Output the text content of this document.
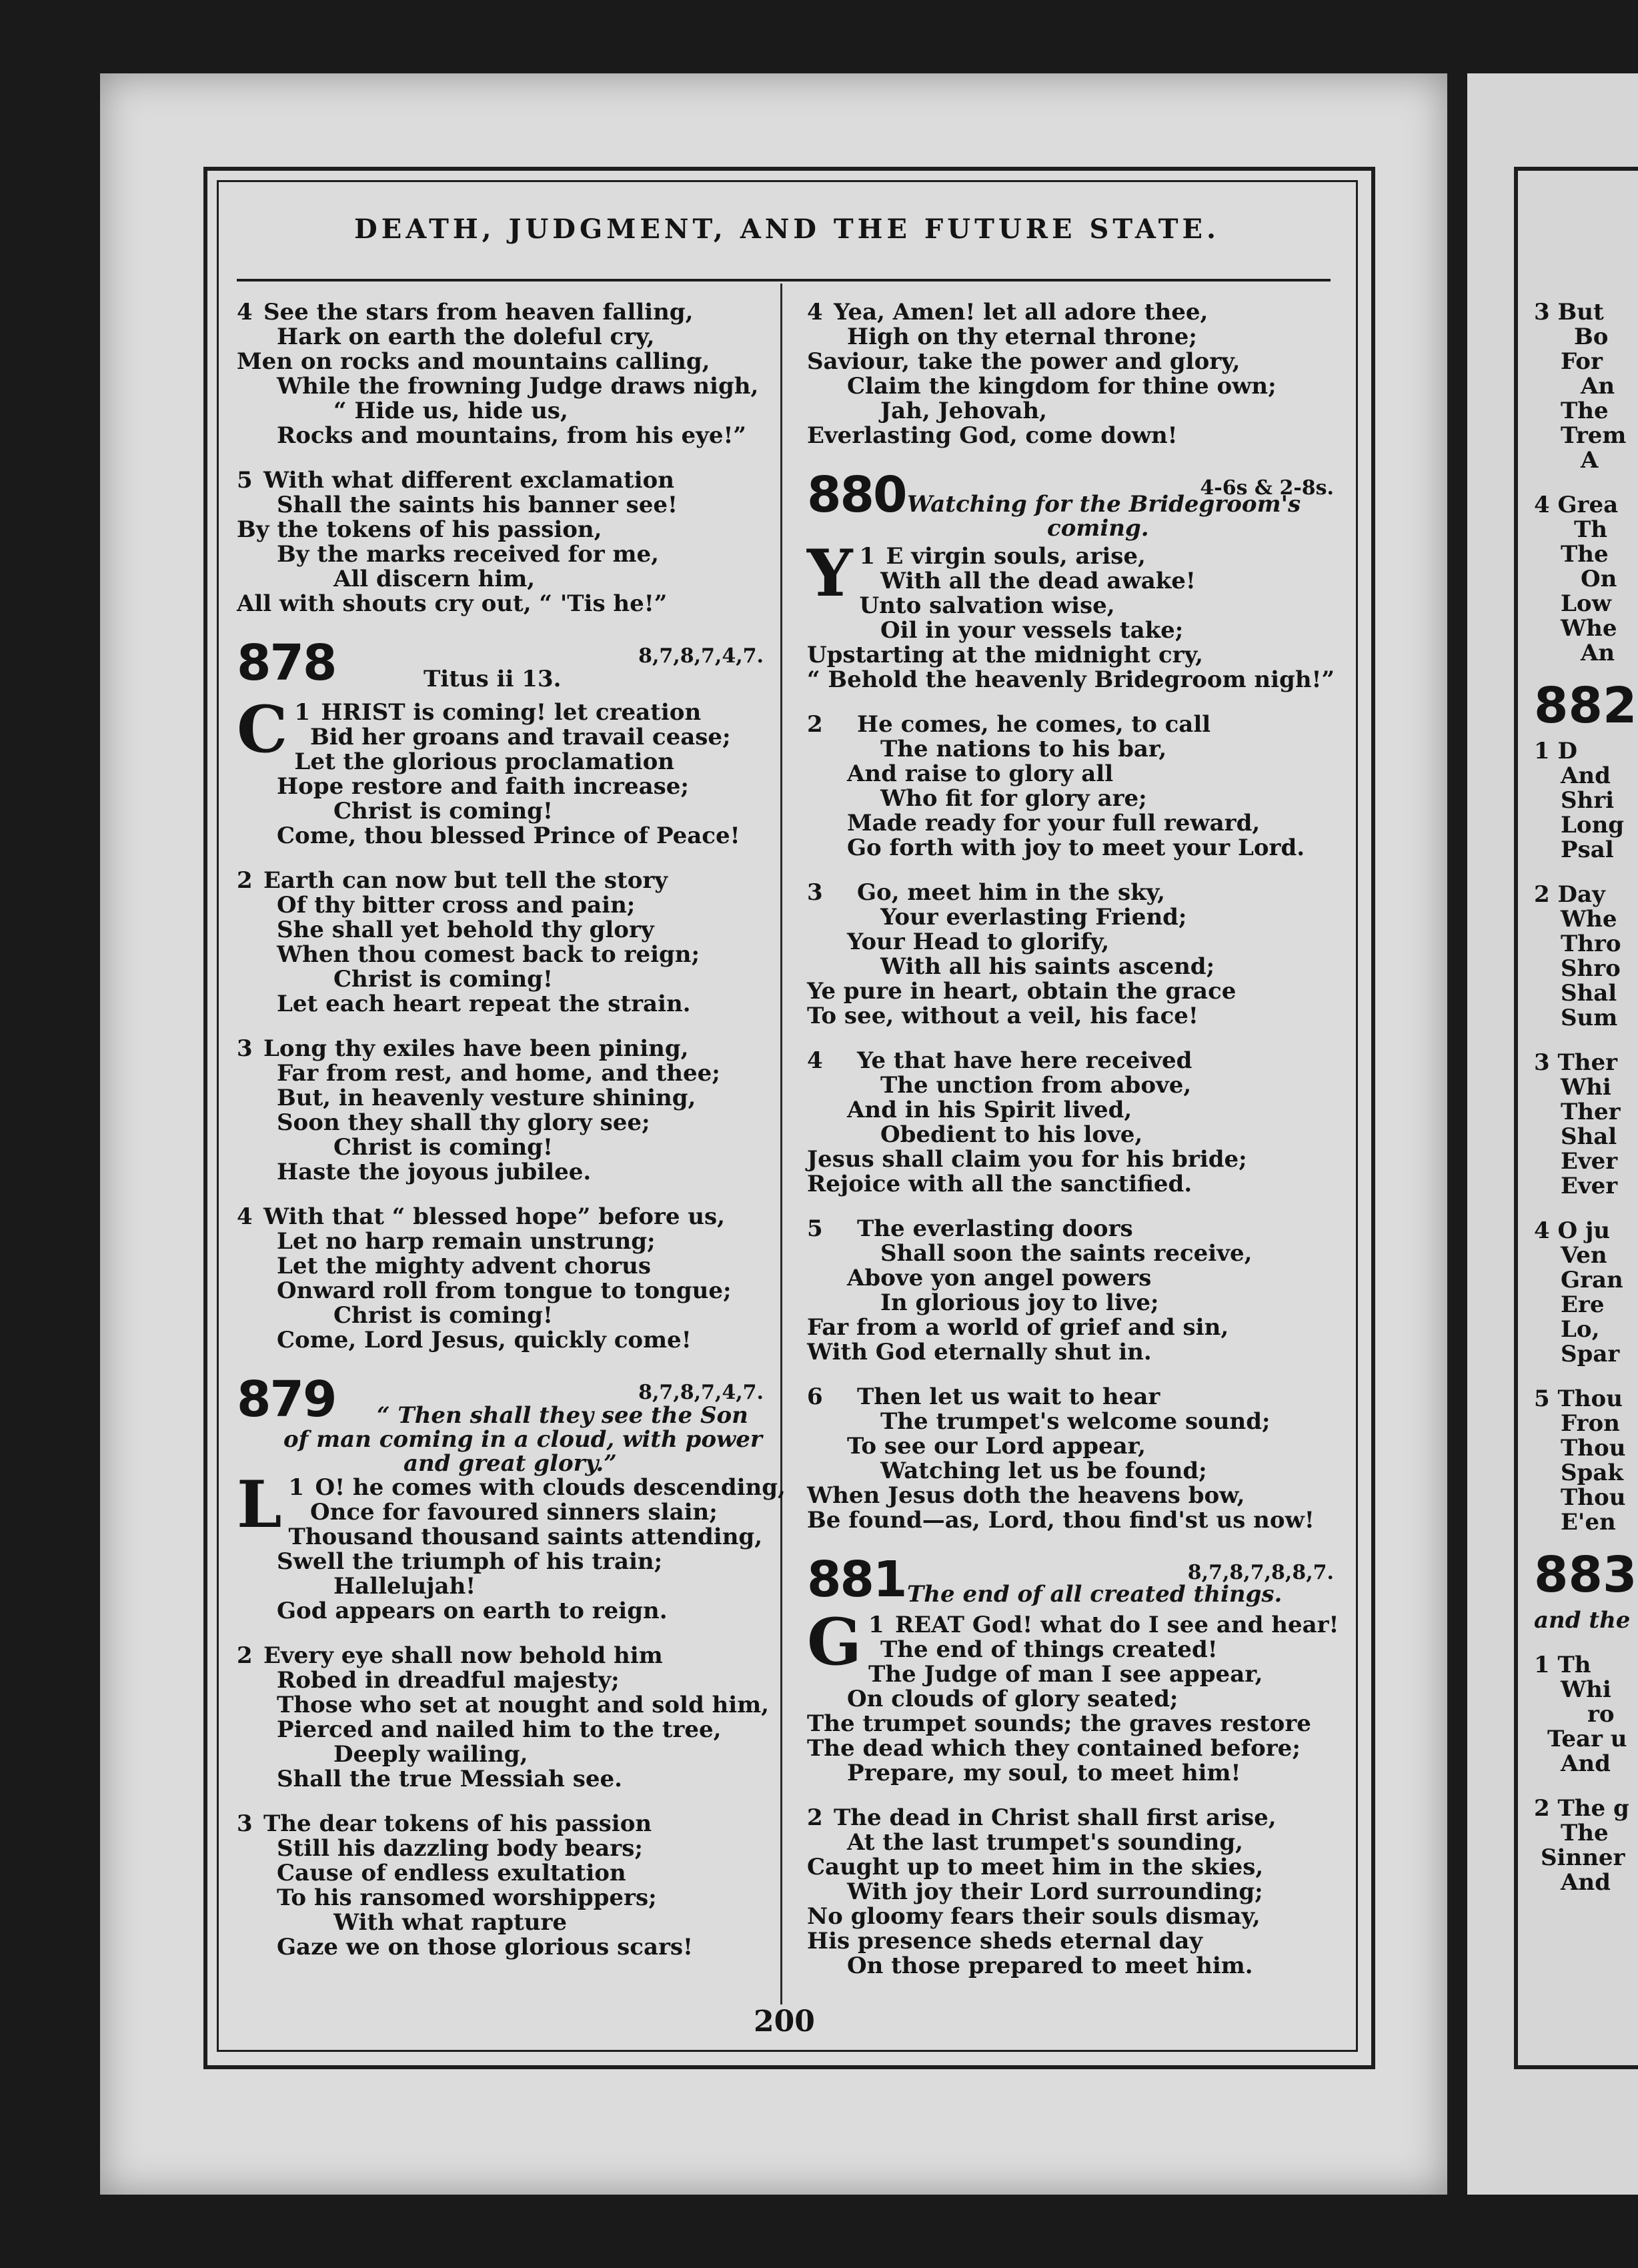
DEATH, JUDGMENT, AND THE FUTURE STATE.
4 See the stars from heaven falling,
Hark on earth the doleful cry,
Men on rocks and mountains calling,
While the frowning Judge draws nigh,
“ Hide us, hide us,
Rocks and mountains, from his eye!”
5 With what different exclamation
Shall the saints his banner see!
By the tokens of his passion,
By the marks received for me,
All discern him,
All with shouts cry out, “ 'Tis he!”
878	8,7,8,7,4,7.
Titus ii 13.
1
C HRIST is coming! let creation
Bid her groans and travail cease;
Let the glorious proclamation
Hope restore and faith increase;
Christ is coming!
Come, thou blessed Prince of Peace!
2 Earth can now but tell the story
Of thy bitter cross and pain;
She shall yet behold thy glory
When thou comest back to reign;
Christ is coming!
Let each heart repeat the strain.
3 Long thy exiles have been pining,
Far from rest, and home, and thee;
But, in heavenly vesture shining,
Soon they shall thy glory see;
Christ is coming!
Haste the joyous jubilee.
4 With that “ blessed hope” before us,
Let no harp remain unstrung;
Let the mighty advent chorus
Onward roll from tongue to tongue;
Christ is coming!
Come, Lord Jesus, quickly come!
879	8,7,8,7,4,7.
“ Then shall they see the Son
of man coming in a cloud, with power
and great glory.”
1
L O! he comes with clouds descending,
Once for favoured sinners slain;
Thousand thousand saints attending,
Swell the triumph of his train;
Hallelujah!
God appears on earth to reign.
2 Every eye shall now behold him
Robed in dreadful majesty;
Those who set at nought and sold him,
Pierced and nailed him to the tree,
Deeply wailing,
Shall the true Messiah see.
3 The dear tokens of his passion
Still his dazzling body bears;
Cause of endless exultation
To his ransomed worshippers;
With what rapture
Gaze we on those glorious scars!
4 Yea, Amen! let all adore thee,
High on thy eternal throne;
Saviour, take the power and glory,
Claim the kingdom for thine own;
Jah, Jehovah,
Everlasting God, come down!
880	4-6s & 2-8s.
Watching for the Bridegroom's
coming.
1
Y E virgin souls, arise,
With all the dead awake!
Unto salvation wise,
Oil in your vessels take;
Upstarting at the midnight cry,
“ Behold the heavenly Bridegroom nigh!”
2 He comes, he comes, to call
The nations to his bar,
And raise to glory all
Who fit for glory are;
Made ready for your full reward,
Go forth with joy to meet your Lord.
3 Go, meet him in the sky,
Your everlasting Friend;
Your Head to glorify,
With all his saints ascend;
Ye pure in heart, obtain the grace
To see, without a veil, his face!
4 Ye that have here received
The unction from above,
And in his Spirit lived,
Obedient to his love,
Jesus shall claim you for his bride;
Rejoice with all the sanctified.
5 The everlasting doors
Shall soon the saints receive,
Above yon angel powers
In glorious joy to live;
Far from a world of grief and sin,
With God eternally shut in.
6 Then let us wait to hear
The trumpet's welcome sound;
To see our Lord appear,
Watching let us be found;
When Jesus doth the heavens bow,
Be found—as, Lord, thou find'st us now!
881	8,7,8,7,8,8,7.
The end of all created things.
1
G REAT God! what do I see and hear!
The end of things created!
The Judge of man I see appear,
On clouds of glory seated;
The trumpet sounds; the graves restore
The dead which they contained before;
Prepare, my soul, to meet him!
2 The dead in Christ shall first arise,
At the last trumpet's sounding,
Caught up to meet him in the skies,
With joy their Lord surrounding;
No gloomy fears their souls dismay,
His presence sheds eternal day
On those prepared to meet him.
200
3 But
Bo
For
An
The
Trem
A
4 Grea
Th
The
On
Low
Whe
An
882
1 D
And
Shri
Long
Psal
2 Day
Whe
Thro
Shro
Shal
Sum
3 Ther
Whi
Ther
Shal
Ever
Ever
4 O ju
Ven
Gran
Ere
Lo,
Spar
5 Thou
Fron
Thou
Spak
Thou
E'en
883
and the
1 Th
Whi
ro
Tear u
And
2 The g
The
Sinner
And
